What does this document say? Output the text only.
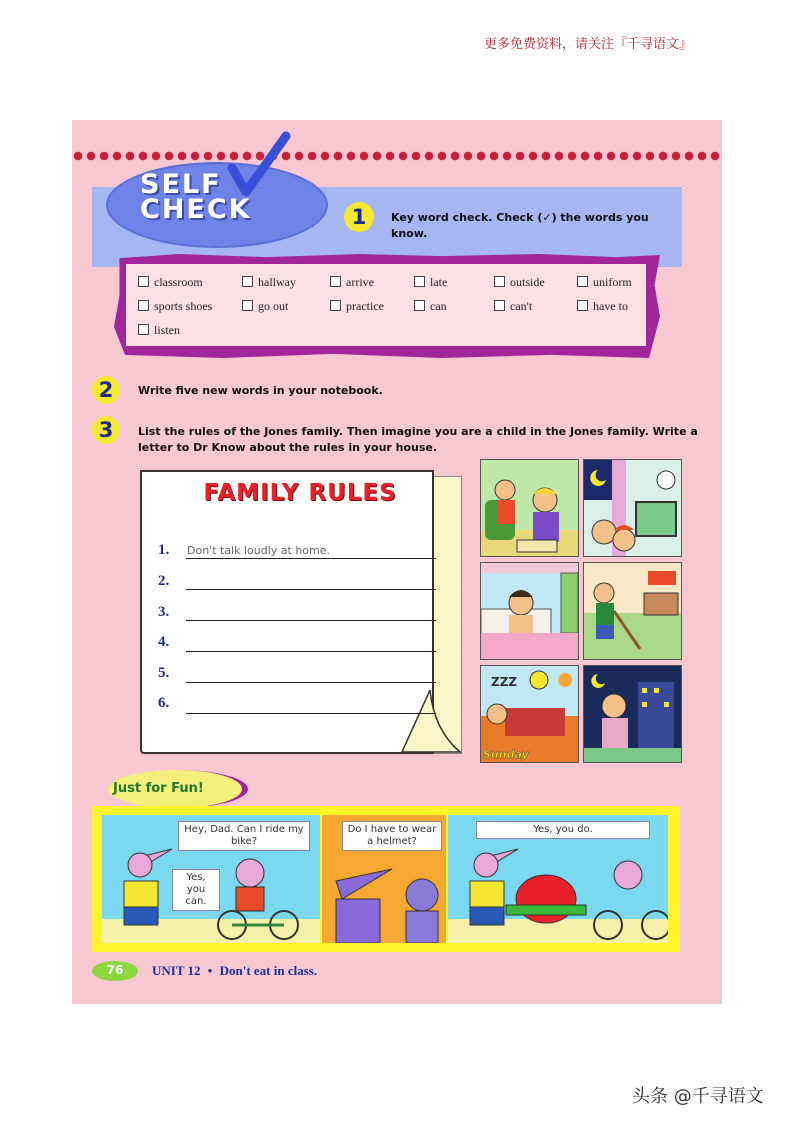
更多免费资料，请关注『千寻语文』
SELF
CHECK	1	Key word check. Check (✓) the words you know.
classroom	hallway	arrive	late	outside	uniform
sports shoes	go out	practice	can	can't	have to
listen
2	Write five new words in your notebook.
3	List the rules of the Jones family. Then imagine you are a child in the Jones family. Write a letter to Dr Know about the rules in your house.
FAMILY RULES
1. Don't talk loudly at home.
2.
3.
4.
5.
6.
ZZZ
Sunday
Just for Fun!
Hey, Dad. Can I ride my bike?
Yes, you can.
Do I have to wear a helmet?
Yes, you do.
76	UNIT 12 • Don't eat in class.
头条 @千寻语文
